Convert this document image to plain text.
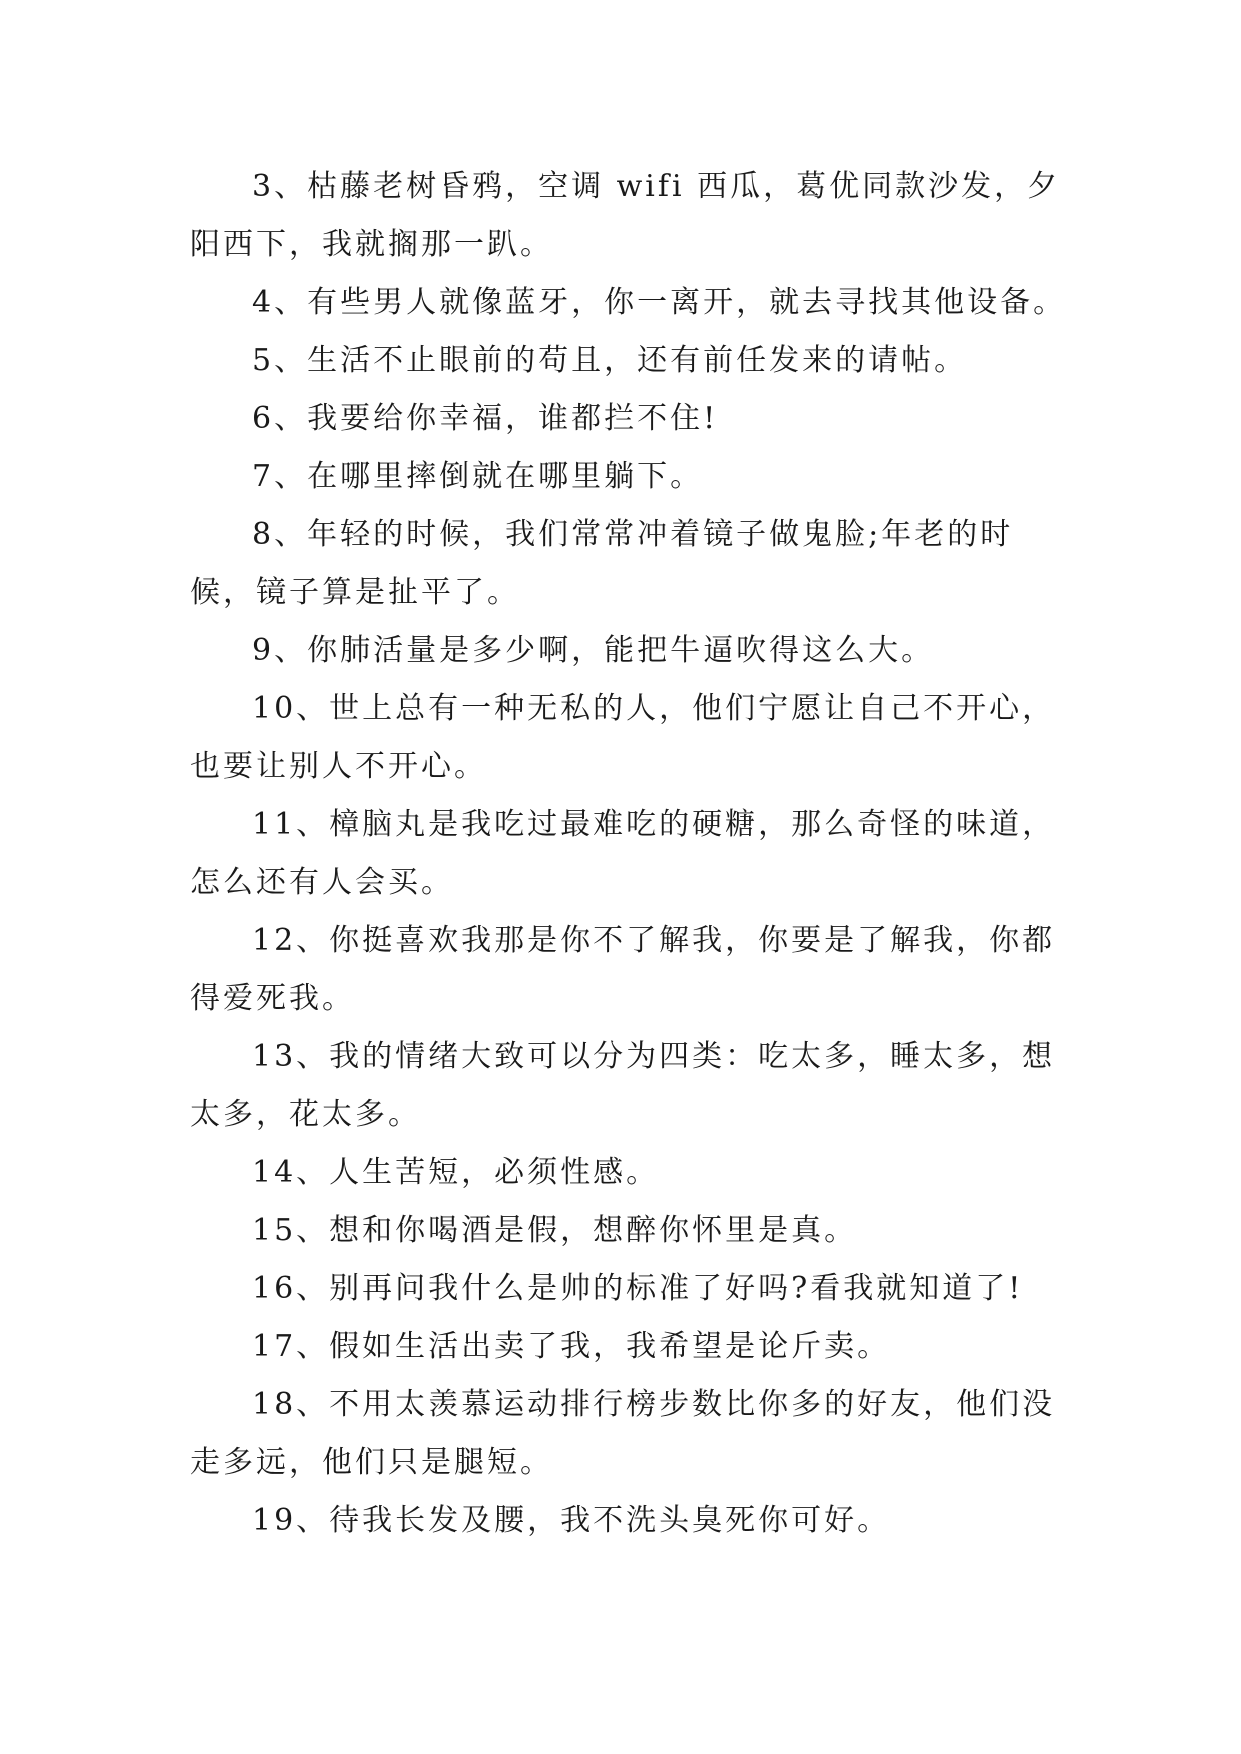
3、枯藤老树昏鸦，空调 wifi 西瓜，葛优同款沙发，夕阳西下，我就搁那一趴。

4、有些男人就像蓝牙，你一离开，就去寻找其他设备。

5、生活不止眼前的苟且，还有前任发来的请帖。

6、我要给你幸福，谁都拦不住!

7、在哪里摔倒就在哪里躺下。

8、年轻的时候，我们常常冲着镜子做鬼脸;年老的时候，镜子算是扯平了。

9、你肺活量是多少啊，能把牛逼吹得这么大。

10、世上总有一种无私的人，他们宁愿让自己不开心，也要让别人不开心。

11、樟脑丸是我吃过最难吃的硬糖，那么奇怪的味道，怎么还有人会买。

12、你挺喜欢我那是你不了解我，你要是了解我，你都得爱死我。

13、我的情绪大致可以分为四类：吃太多，睡太多，想太多，花太多。

14、人生苦短，必须性感。

15、想和你喝酒是假，想醉你怀里是真。

16、别再问我什么是帅的标准了好吗?看我就知道了!

17、假如生活出卖了我，我希望是论斤卖。

18、不用太羡慕运动排行榜步数比你多的好友，他们没走多远，他们只是腿短。

19、待我长发及腰，我不洗头臭死你可好。
